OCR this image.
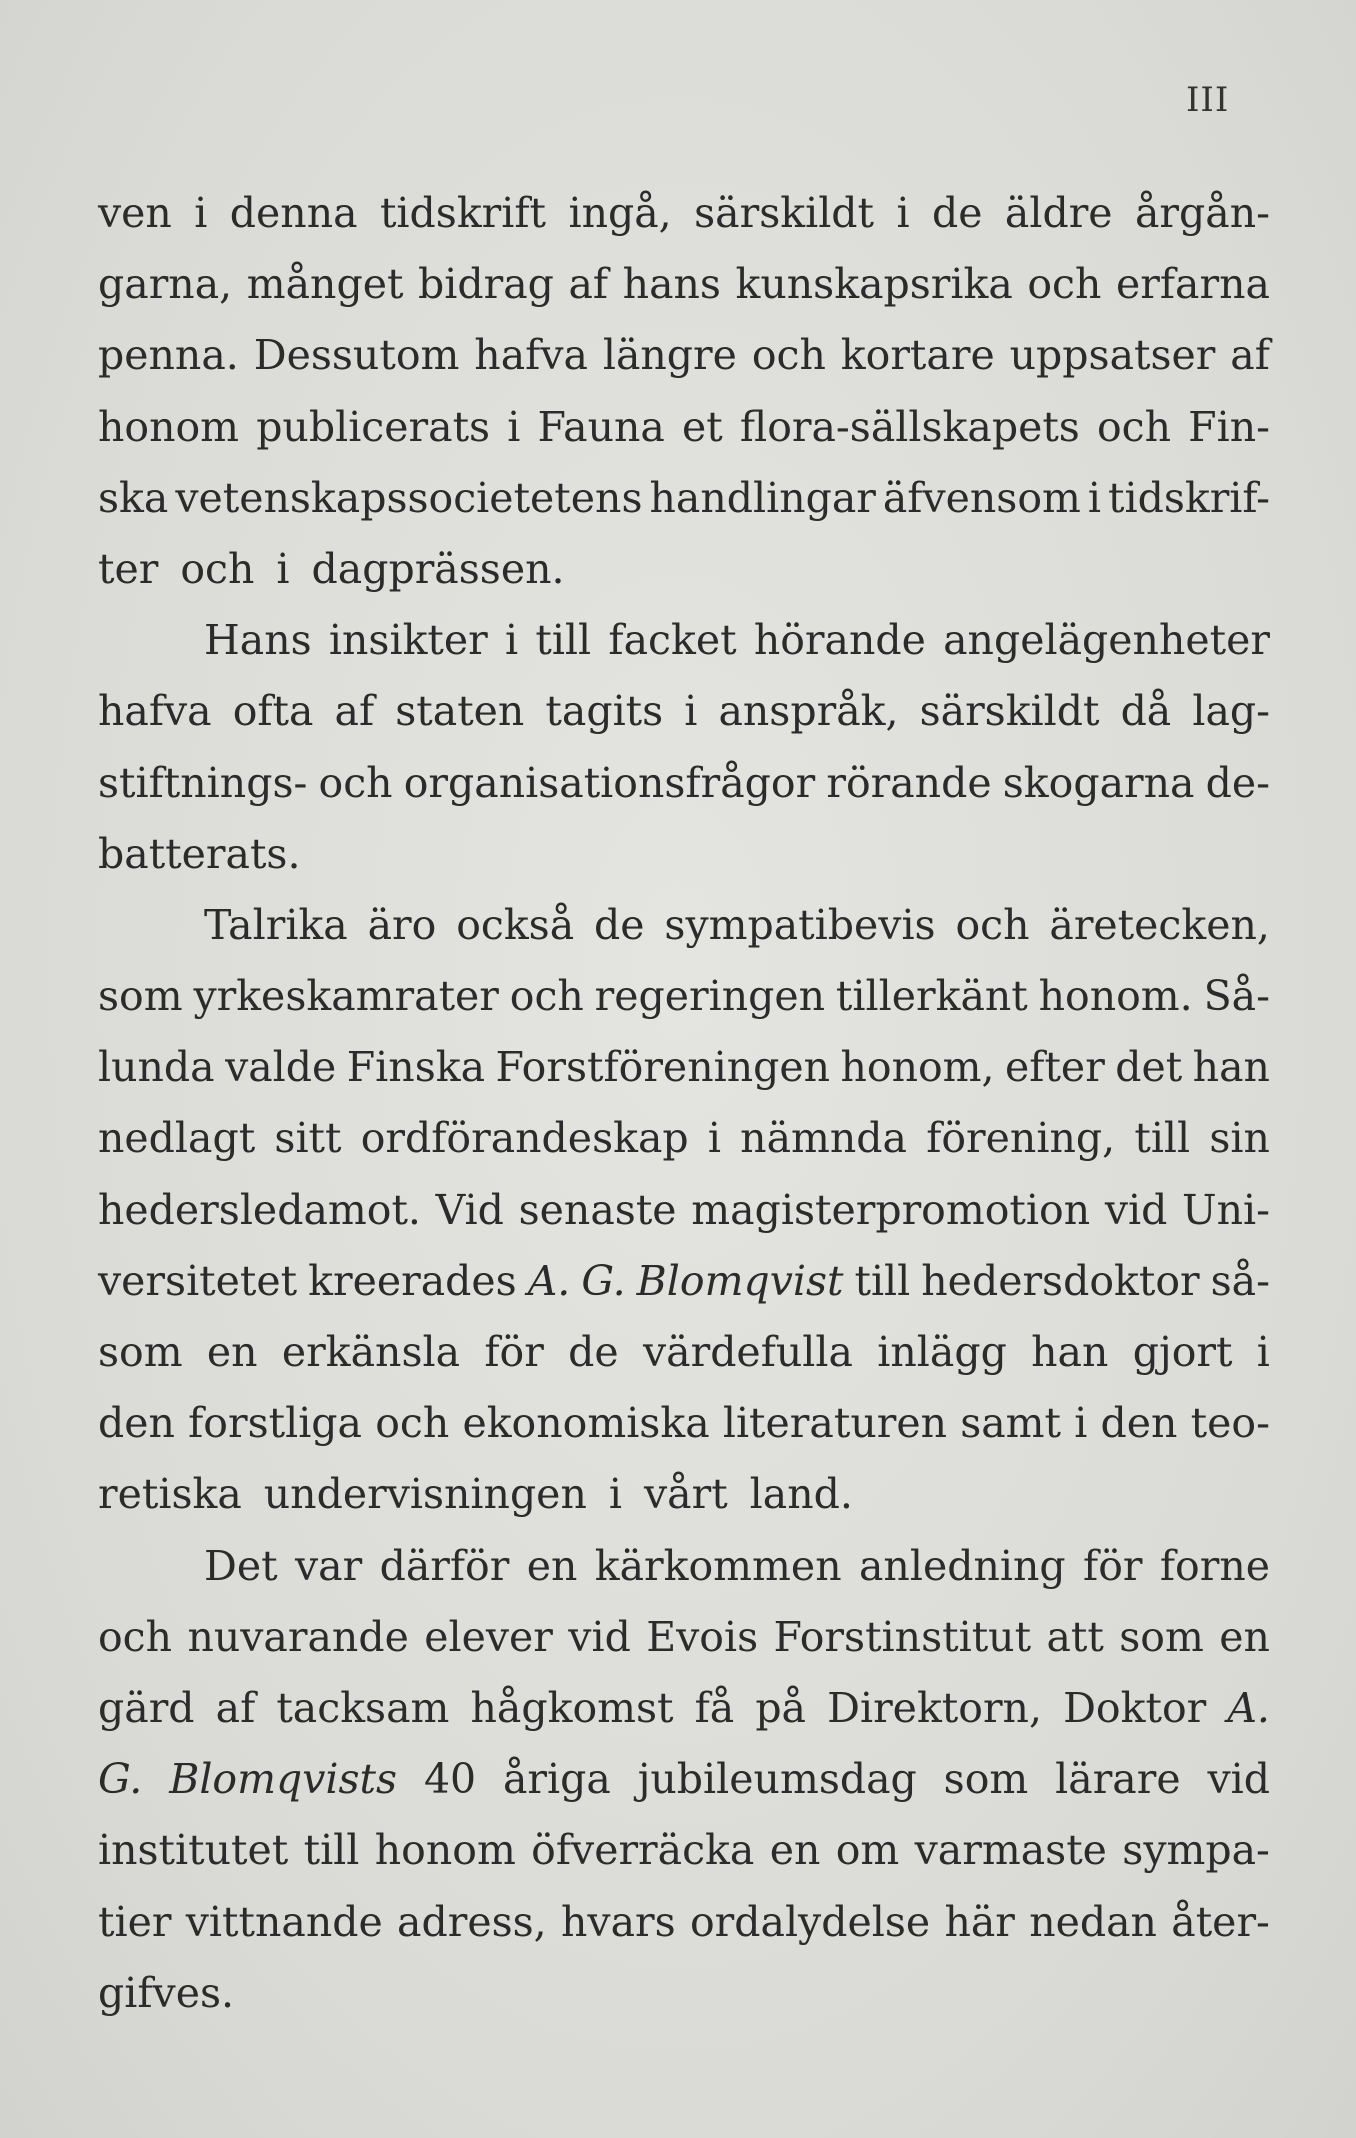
III
ven i denna tidskrift ingå, särskildt i de äldre årgån-
garna, månget bidrag af hans kunskapsrika och erfarna
penna. Dessutom hafva längre och kortare uppsatser af
honom publicerats i Fauna et flora-sällskapets och Fin-
ska vetenskapssocietetens handlingar äfvensom i tidskrif-
ter och i dagprässen.
Hans insikter i till facket hörande angelägenheter
hafva ofta af staten tagits i anspråk, särskildt då lag-
stiftnings- och organisationsfrågor rörande skogarna de-
batterats.
Talrika äro också de sympatibevis och äretecken,
som yrkeskamrater och regeringen tillerkänt honom. Så-
lunda valde Finska Forstföreningen honom, efter det han
nedlagt sitt ordförandeskap i nämnda förening, till sin
hedersledamot. Vid senaste magisterpromotion vid Uni-
versitetet kreerades A. G. Blomqvist till hedersdoktor så-
som en erkänsla för de värdefulla inlägg han gjort i
den forstliga och ekonomiska literaturen samt i den teo-
retiska undervisningen i vårt land.
Det var därför en kärkommen anledning för forne
och nuvarande elever vid Evois Forstinstitut att som en
gärd af tacksam hågkomst få på Direktorn, Doktor A.
G. Blomqvists 40 åriga jubileumsdag som lärare vid
institutet till honom öfverräcka en om varmaste sympa-
tier vittnande adress, hvars ordalydelse här nedan åter-
gifves.
